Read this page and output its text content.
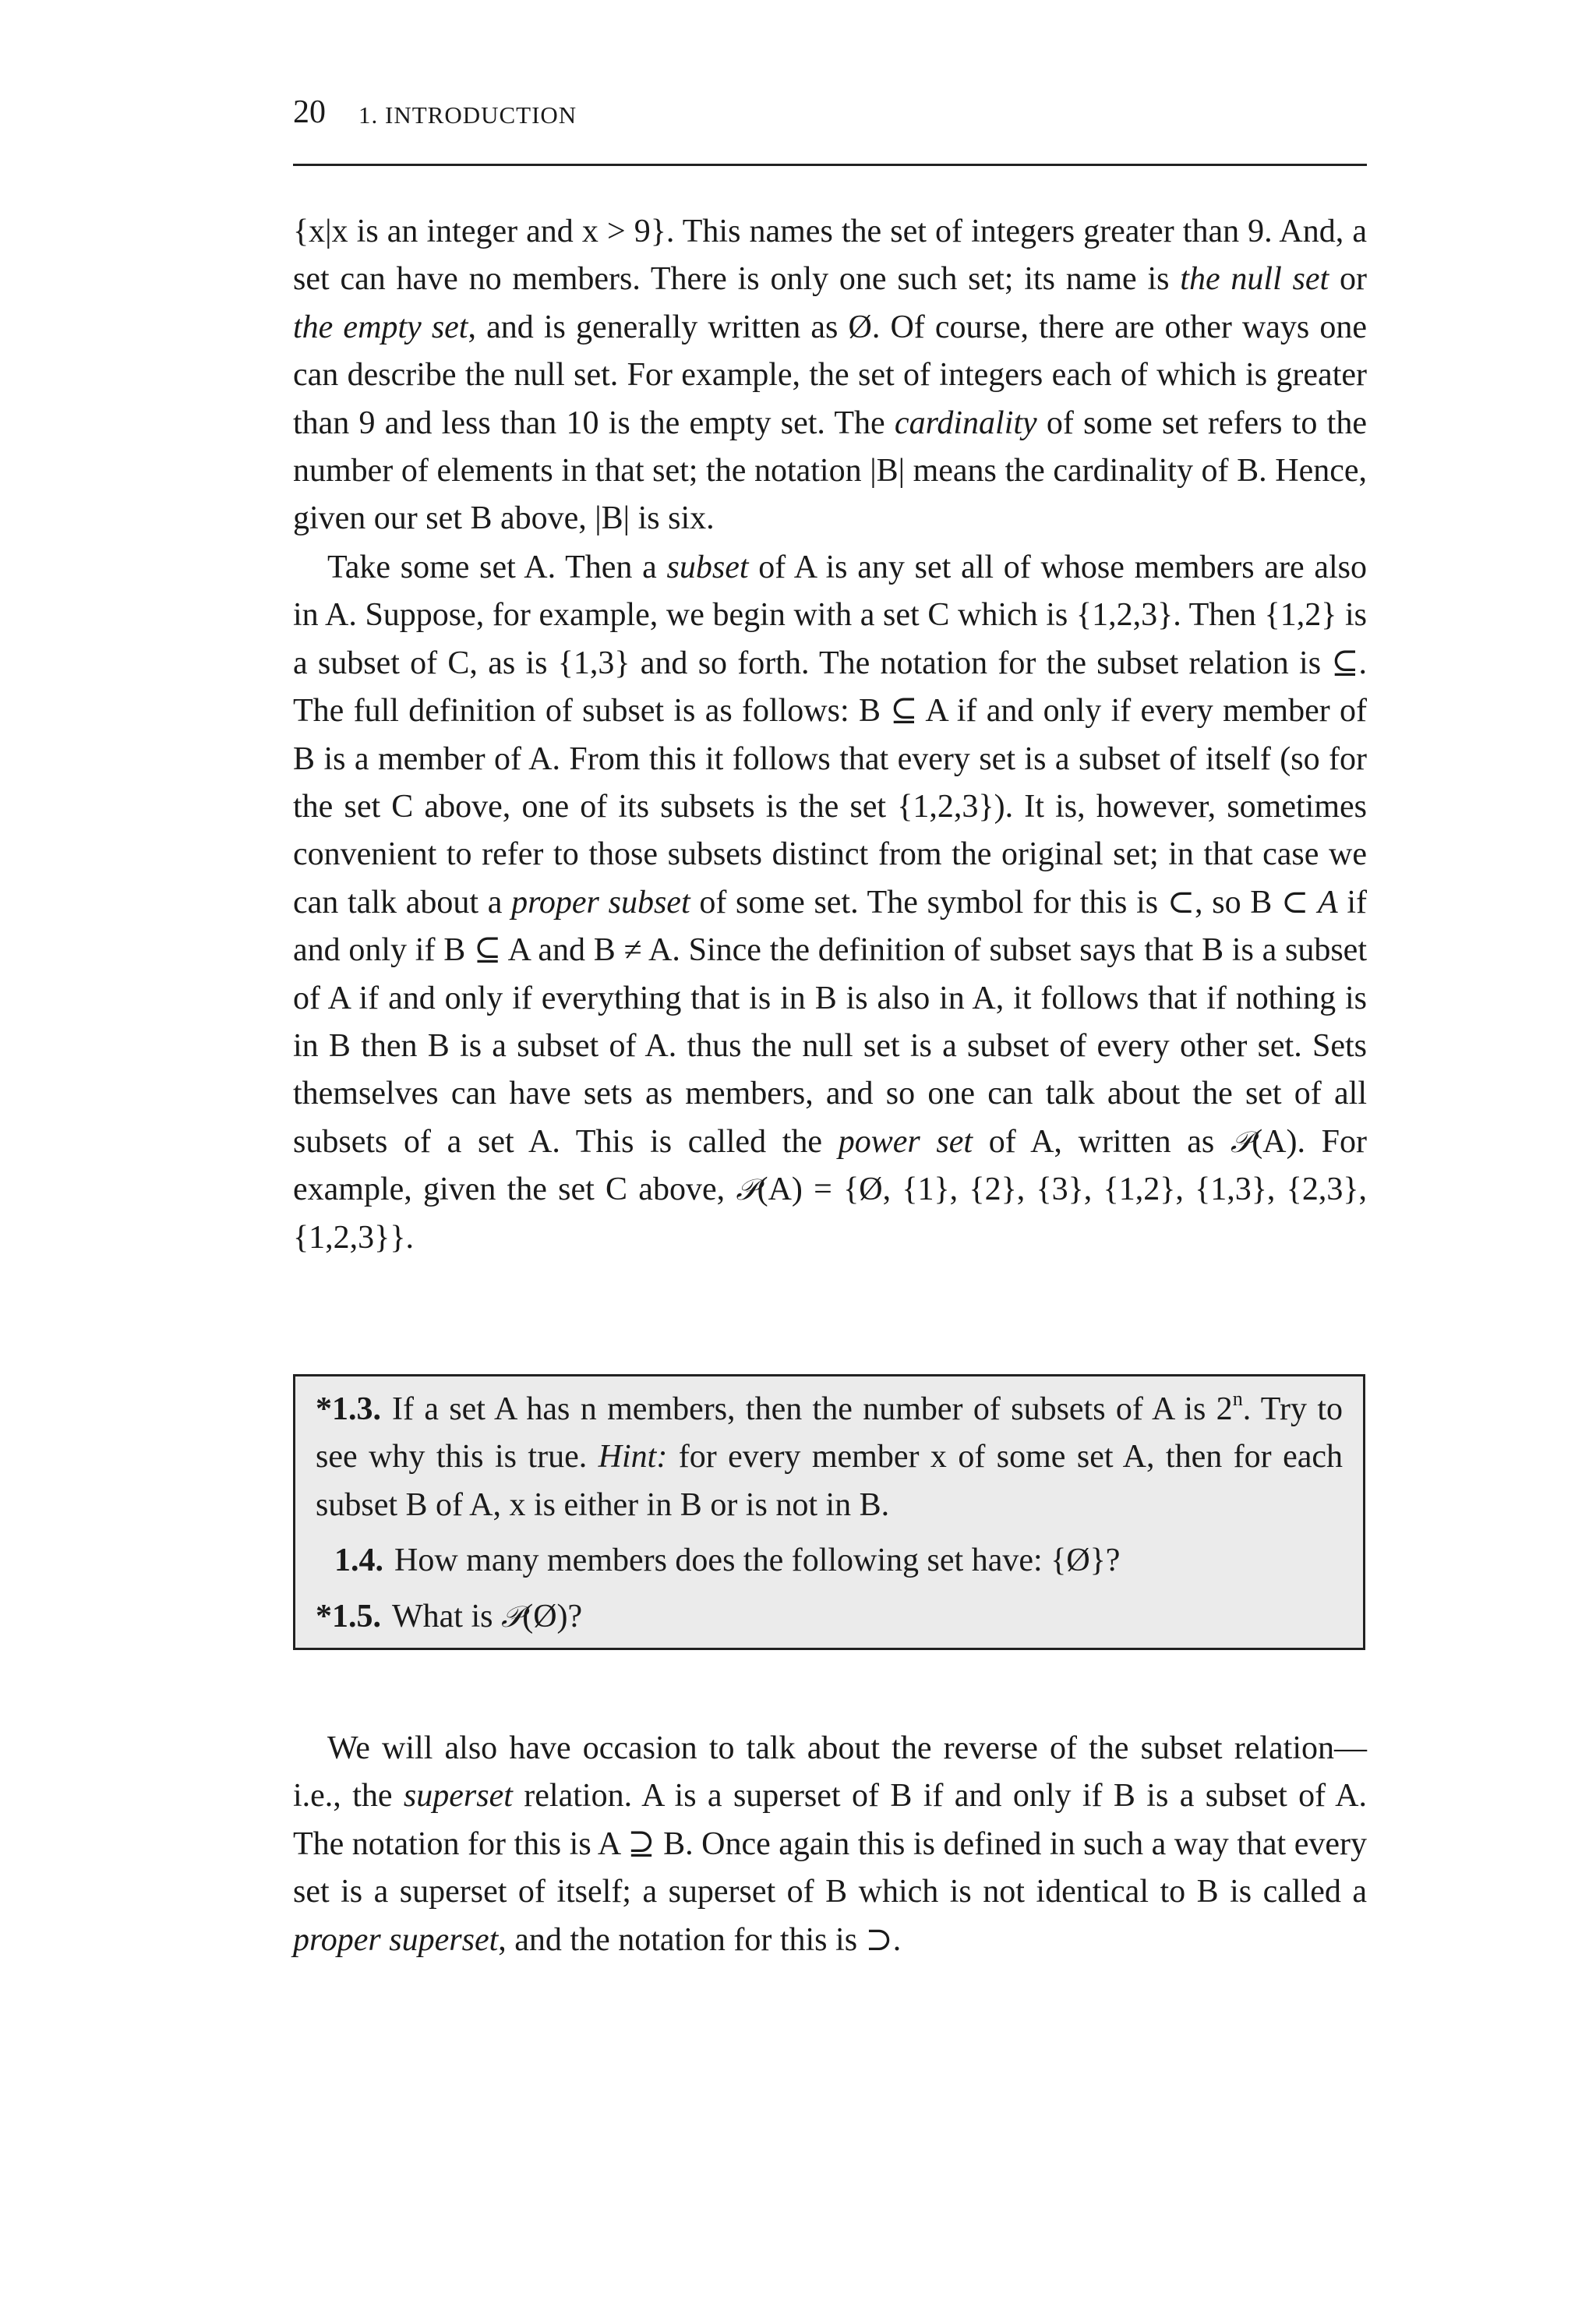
20 1. INTRODUCTION

{x|x is an integer and x > 9}. This names the set of integers greater than 9. And, a set can have no members. There is only one such set; its name is the null set or the empty set, and is generally written as Ø. Of course, there are other ways one can describe the null set. For example, the set of integers each of which is greater than 9 and less than 10 is the empty set. The cardinality of some set refers to the number of elements in that set; the notation |B| means the cardinality of B. Hence, given our set B above, |B| is six.

Take some set A. Then a subset of A is any set all of whose members are also in A. Suppose, for example, we begin with a set C which is {1,2,3}. Then {1,2} is a subset of C, as is {1,3} and so forth. The notation for the subset relation is ⊆. The full definition of subset is as follows: B ⊆ A if and only if every member of B is a member of A. From this it follows that every set is a subset of itself (so for the set C above, one of its subsets is the set {1,2,3}). It is, however, sometimes convenient to refer to those subsets distinct from the original set; in that case we can talk about a proper subset of some set. The symbol for this is ⊂, so B ⊂ A if and only if B ⊆ A and B ≠ A. Since the definition of subset says that B is a subset of A if and only if everything that is in B is also in A, it follows that if nothing is in B then B is a subset of A. thus the null set is a subset of every other set. Sets themselves can have sets as members, and so one can talk about the set of all subsets of a set A. This is called the power set of A, written as 𝒫(A). For example, given the set C above, 𝒫(A) = {Ø, {1}, {2}, {3}, {1,2}, {1,3}, {2,3}, {1,2,3}}.

*1.3. If a set A has n members, then the number of subsets of A is 2$^n$. Try to see why this is true. Hint: for every member x of some set A, then for each subset B of A, x is either in B or is not in B.

1.4. How many members does the following set have: {Ø}?

*1.5. What is 𝒫(Ø)?

We will also have occasion to talk about the reverse of the subset relation—i.e., the superset relation. A is a superset of B if and only if B is a subset of A. The notation for this is A ⊇ B. Once again this is defined in such a way that every set is a superset of itself; a superset of B which is not identical to B is called a proper superset, and the notation for this is ⊃.
